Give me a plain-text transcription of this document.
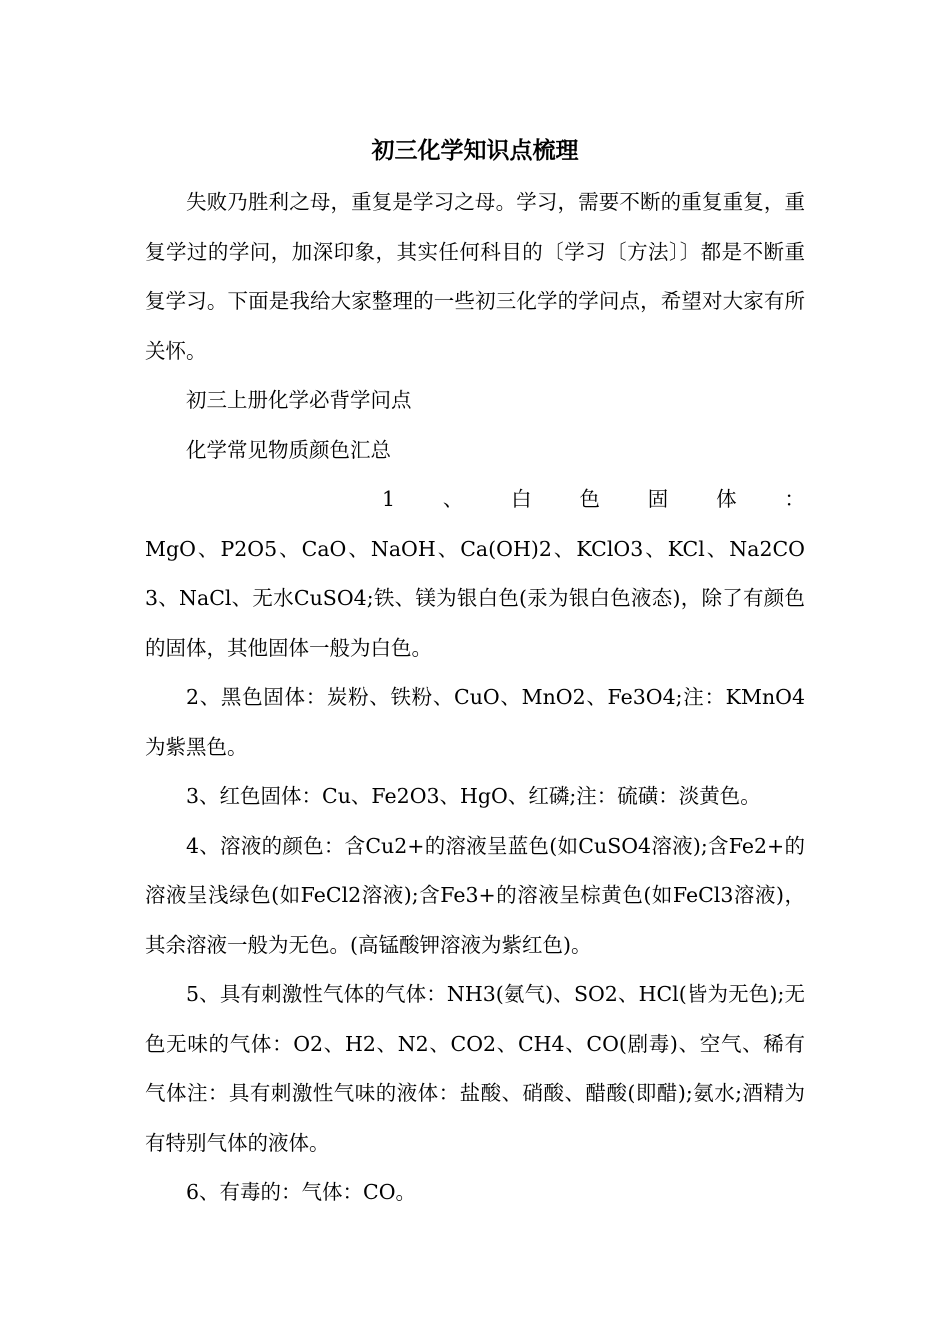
初三化学知识点梳理

失败乃胜利之母，重复是学习之母。学习，需要不断的重复重复，重复学过的学问，加深印象，其实任何科目的〔学习〔方法〕〕都是不断重复学习。下面是我给大家整理的一些初三化学的学问点，希望对大家有所关怀。

初三上册化学必背学问点

化学常见物质颜色汇总

1 、 白 色 固 体 ：

MgO、P2O5、CaO、NaOH、Ca(OH)2、KClO3、KCl、Na2CO3、NaCl、无水CuSO4;铁、镁为银白色(汞为银白色液态)，除了有颜色的固体，其他固体一般为白色。

2、黑色固体：炭粉、铁粉、CuO、MnO2、Fe3O4;注：KMnO4为紫黑色。

3、红色固体：Cu、Fe2O3、HgO、红磷;注：硫磺：淡黄色。

4、溶液的颜色：含Cu2+的溶液呈蓝色(如CuSO4溶液);含Fe2+的溶液呈浅绿色(如FeCl2溶液);含Fe3+的溶液呈棕黄色(如FeCl3溶液)，其余溶液一般为无色。(高锰酸钾溶液为紫红色)。

5、具有刺激性气体的气体：NH3(氨气)、SO2、HCl(皆为无色);无色无味的气体：O2、H2、N2、CO2、CH4、CO(剧毒)、空气、稀有气体注：具有刺激性气味的液体：盐酸、硝酸、醋酸(即醋);氨水;酒精为有特别气体的液体。

6、有毒的：气体：CO。
